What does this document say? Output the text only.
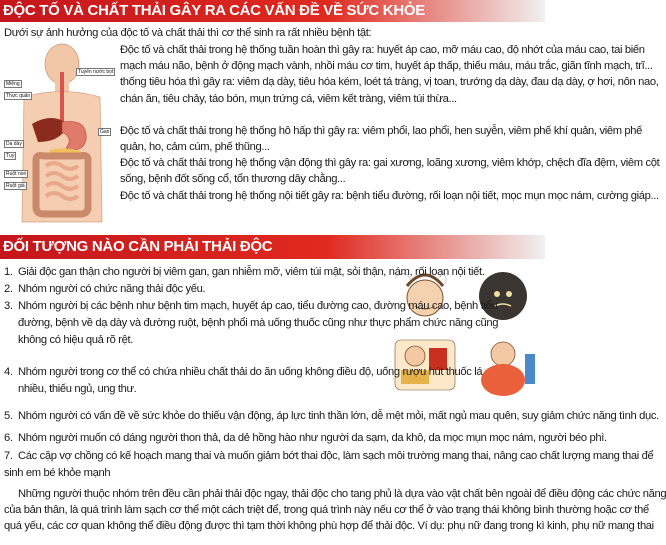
ĐỘC TỐ VÀ CHẤT THẢI GÂY RA CÁC VẤN ĐỀ VỀ SỨC KHỎE
Dưới sự ảnh hưởng của độc tố và chất thải thì cơ thể sinh ra rất nhiều bệnh tật:
Miệng
Thực quản
Tuyến nước bọt
Dạ dày
Gan
Tụy
Ruột non
Ruột già
Độc tố và chất thải trong hệ thống tuần hoàn thì gây ra: huyết áp cao, mỡ máu cao, độ nhớt của máu cao, tai biến
mạch máu não, bệnh ở động mạch vành, nhồi máu cơ tim, huyết áp thấp, thiếu máu, máu trắc, giãn tĩnh mạch, trĩ...
thống tiêu hóa thì gây ra: viêm dạ dày, tiêu hóa kém, loét tá tràng, vị toan, trướng dạ dày, đau dạ dày, ợ hơi, nôn nao,
chán ăn, tiêu chảy, táo bón, mụn trứng cá, viêm kết tràng, viêm túi thừa...
Độc tố và chất thải trong hệ thống hô hấp thì gây ra: viêm phổi, lao phổi, hen suyễn, viêm phế khí quản, viêm phế
quản, ho, cảm cúm, phế thũng...
Độc tố và chất thải trong hệ thống vận động thì gây ra: gai xương, loãng xương, viêm khớp, chệch đĩa đệm, viêm cột
sống, bệnh đốt sống cổ, tổn thương dây chằng...
Độc tố và chất thải trong hệ thống nội tiết gây ra: bệnh tiểu đường, rối loạn nội tiết, mọc mụn mọc nám, cường giáp...
ĐỐI TƯỢNG NÀO CẦN PHẢI THẢI ĐỘC
1. Giải độc gan thận cho người bị viêm gan, gan nhiễm mỡ, viêm túi mật, sỏi thận, nám, rối loạn nội tiết.
2. Nhóm người có chức năng thải độc yếu.
3. Nhóm người bị các bệnh như bệnh tim mạch, huyết áp cao, tiểu đường cao, đường máu cao, bệnh tiểu
đường, bệnh về dạ dày và đường ruột, bệnh phổi mà uống thuốc cũng như thực phẩm chức năng cũng
không có hiệu quả rõ rệt.
4. Nhóm người trong cơ thể có chứa nhiều chất thải do ăn uống không điều độ, uống rượu hút thuốc lá
nhiều, thiếu ngủ, ung thư.
5. Nhóm người có vấn đề về sức khỏe do thiếu vận động, áp lực tinh thần lớn, dễ mệt mỏi, mất ngủ mau quên, suy giảm chức năng tình dục.
6. Nhóm người muốn có dáng người thon thả, da dẻ hồng hào như người da sạm, da khô, da mọc mụn mọc nám, người béo phì.
7. Các cặp vợ chồng có kế hoạch mang thai và muốn giảm bớt thai độc, làm sạch môi trường mang thai, nâng cao chất lượng mang thai để
sinh em bé khỏe mạnh
Những người thuộc nhóm trên đều cần phải thải độc ngay, thải độc cho tang phủ là dựa vào vật chất bên ngoài để điều động các chức năng
của bản thân, là quá trình làm sạch cơ thể một cách triệt để, trong quá trình này nếu cơ thể ở vào trạng thái không bình thường hoặc cơ thể
quá yếu, các cơ quan không thể điều động được thì tạm thời không phù hợp để thải độc. Ví dụ: phụ nữ đang trong kì kinh, phụ nữ mang thai
